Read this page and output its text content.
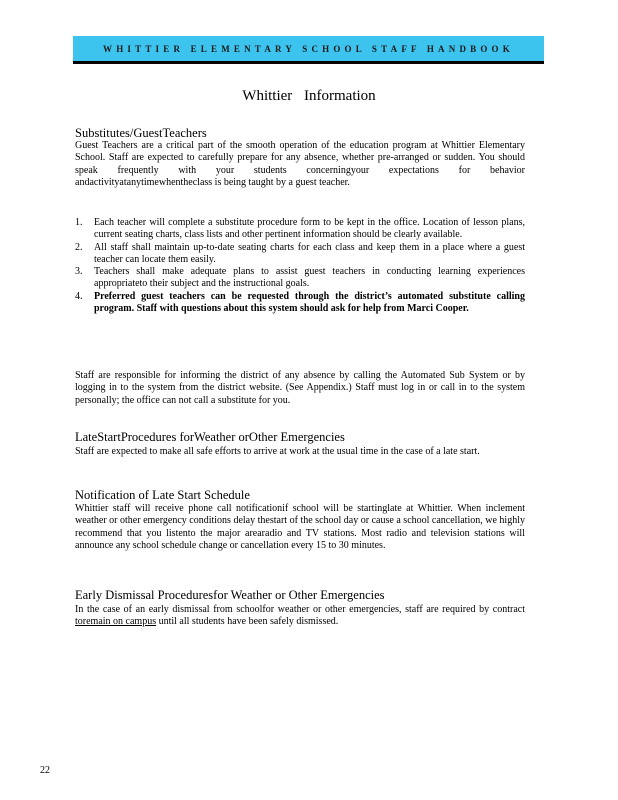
WHITTIER ELEMENTARY SCHOOL STAFF HANDBOOK
Whittier Information
Substitutes/GuestTeachers
Guest Teachers are a critical part of the smooth operation of the education program at Whittier Elementary School. Staff are expected to carefully prepare for any absence, whether pre-arranged or sudden. You should speak frequently with your students concerningyour expectations for behavior andactivityatanytimewhentheclass is being taught by a guest teacher.
1. Each teacher will complete a substitute procedure form to be kept in the office. Location of lesson plans, current seating charts, class lists and other pertinent information should be clearly available.
2. All staff shall maintain up-to-date seating charts for each class and keep them in a place where a guest teacher can locate them easily.
3. Teachers shall make adequate plans to assist guest teachers in conducting learning experiences appropriateto their subject and the instructional goals.
4. Preferred guest teachers can be requested through the district’s automated substitute calling program. Staff with questions about this system should ask for help from Marci Cooper.
Staff are responsible for informing the district of any absence by calling the Automated Sub System or by logging in to the system from the district website. (See Appendix.) Staff must log in or call in to the system personally; the office can not call a substitute for you.
LateStartProcedures forWeather orOther Emergencies
Staff are expected to make all safe efforts to arrive at work at the usual time in the case of a late start.
Notification of Late Start Schedule
Whittier staff will receive phone call notificationif school will be startinglate at Whittier. When inclement weather or other emergency conditions delay thestart of the school day or cause a school cancellation, we highly recommend that you listento the major arearadio and TV stations. Most radio and television stations will announce any school schedule change or cancellation every 15 to 30 minutes.
Early Dismissal Proceduresfor Weather or Other Emergencies
In the case of an early dismissal from schoolfor weather or other emergencies, staff are required by contract toremain on campus until all students have been safely dismissed.
22
